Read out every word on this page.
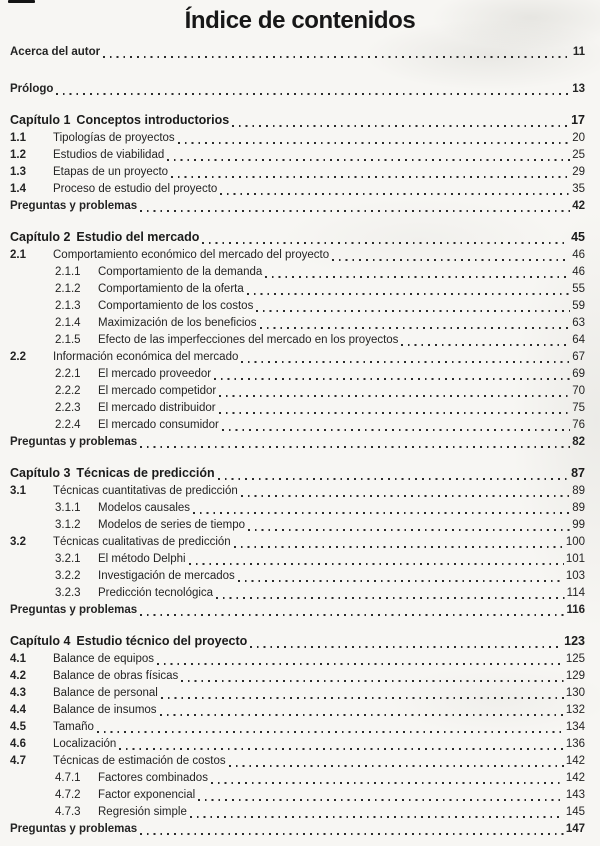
Índice de contenidos
Acerca del autor	11
Prólogo	13
Capítulo 1 Conceptos introductorios	17
1.1	Tipologías de proyectos	20
1.2	Estudios de viabilidad	25
1.3	Etapas de un proyecto	29
1.4	Proceso de estudio del proyecto	35
Preguntas y problemas	42
Capítulo 2 Estudio del mercado	45
2.1	Comportamiento económico del mercado del proyecto	46
2.1.1	Comportamiento de la demanda	46
2.1.2	Comportamiento de la oferta	55
2.1.3	Comportamiento de los costos	59
2.1.4	Maximización de los beneficios	63
2.1.5	Efecto de las imperfecciones del mercado en los proyectos	64
2.2	Información económica del mercado	67
2.2.1	El mercado proveedor	69
2.2.2	El mercado competidor	70
2.2.3	El mercado distribuidor	75
2.2.4	El mercado consumidor	76
Preguntas y problemas	82
Capítulo 3 Técnicas de predicción	87
3.1	Técnicas cuantitativas de predicción	89
3.1.1	Modelos causales	89
3.1.2	Modelos de series de tiempo	99
3.2	Técnicas cualitativas de predicción	100
3.2.1	El método Delphi	101
3.2.2	Investigación de mercados	103
3.2.3	Predicción tecnológica	114
Preguntas y problemas	116
Capítulo 4 Estudio técnico del proyecto	123
4.1	Balance de equipos	125
4.2	Balance de obras físicas	129
4.3	Balance de personal	130
4.4	Balance de insumos	132
4.5	Tamaño	134
4.6	Localización	136
4.7	Técnicas de estimación de costos	142
4.7.1	Factores combinados	142
4.7.2	Factor exponencial	143
4.7.3	Regresión simple	145
Preguntas y problemas	147
